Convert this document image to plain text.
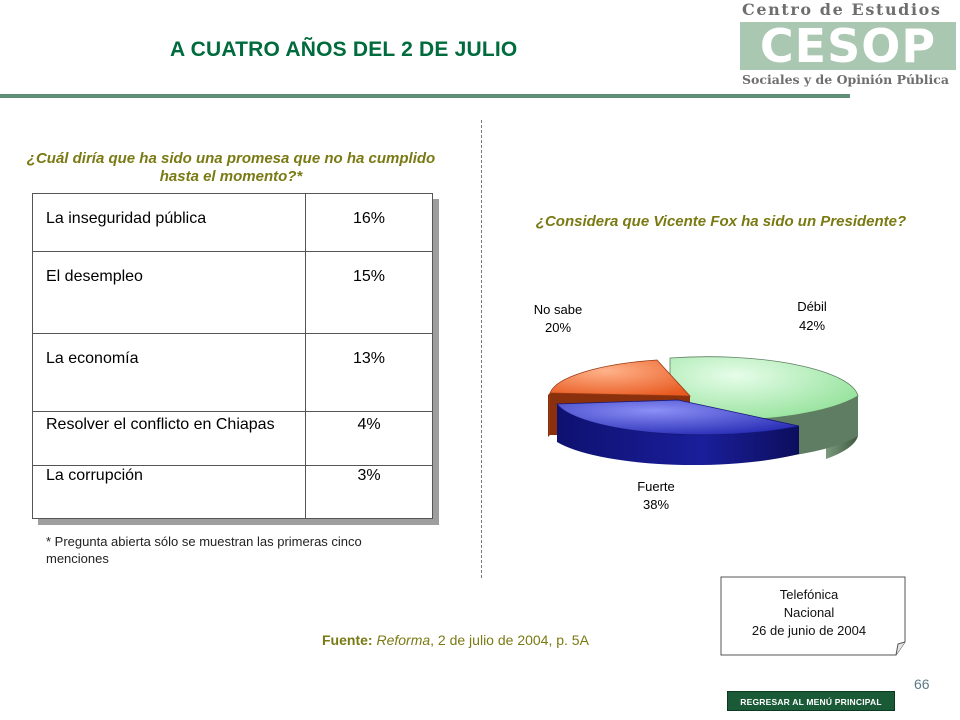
A CUATRO AÑOS DEL 2 DE JULIO
Centro de Estudios
CESOP
Sociales y de Opinión Pública
¿Cuál diría que ha sido una promesa que no ha cumplido hasta el momento?*
La inseguridad pública	16%
El desempleo	15%
La economía	13%
Resolver el conflicto en Chiapas	4%
La corrupción	3%
* Pregunta abierta sólo se muestran las primeras cinco menciones
¿Considera que Vicente Fox ha sido un Presidente?
No sabe
20%
Débil
42%
Fuerte
38%
Fuente: Reforma, 2 de julio de 2004, p. 5A
Telefónica
Nacional
26 de junio de 2004
66
REGRESAR AL MENÚ PRINCIPAL
